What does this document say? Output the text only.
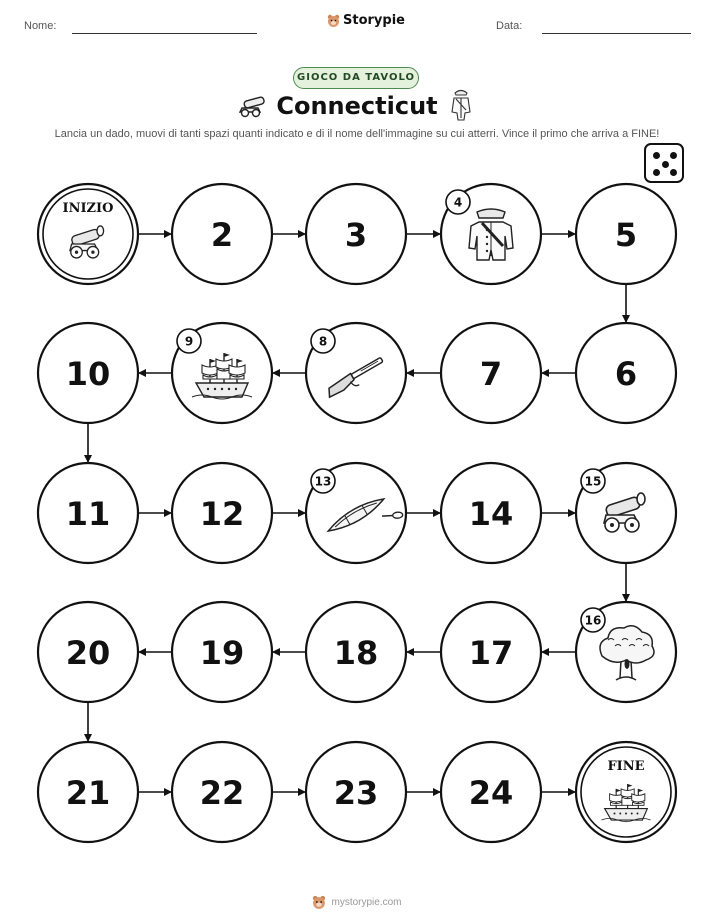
Nome:	Storypie	Data:
GIOCO DA TAVOLO
Connecticut
Lancia un dado, muovi di tanti spazi quanti indicato e di il nome dell'immagine su cui atterri. Vince il primo che arriva a FINE!
INIZIO
2	3
4
5
6
7
8
9
10
11	12
13
14
15
16
17
18
19
20
21	22	23	24
FINE
mystorypie.com
